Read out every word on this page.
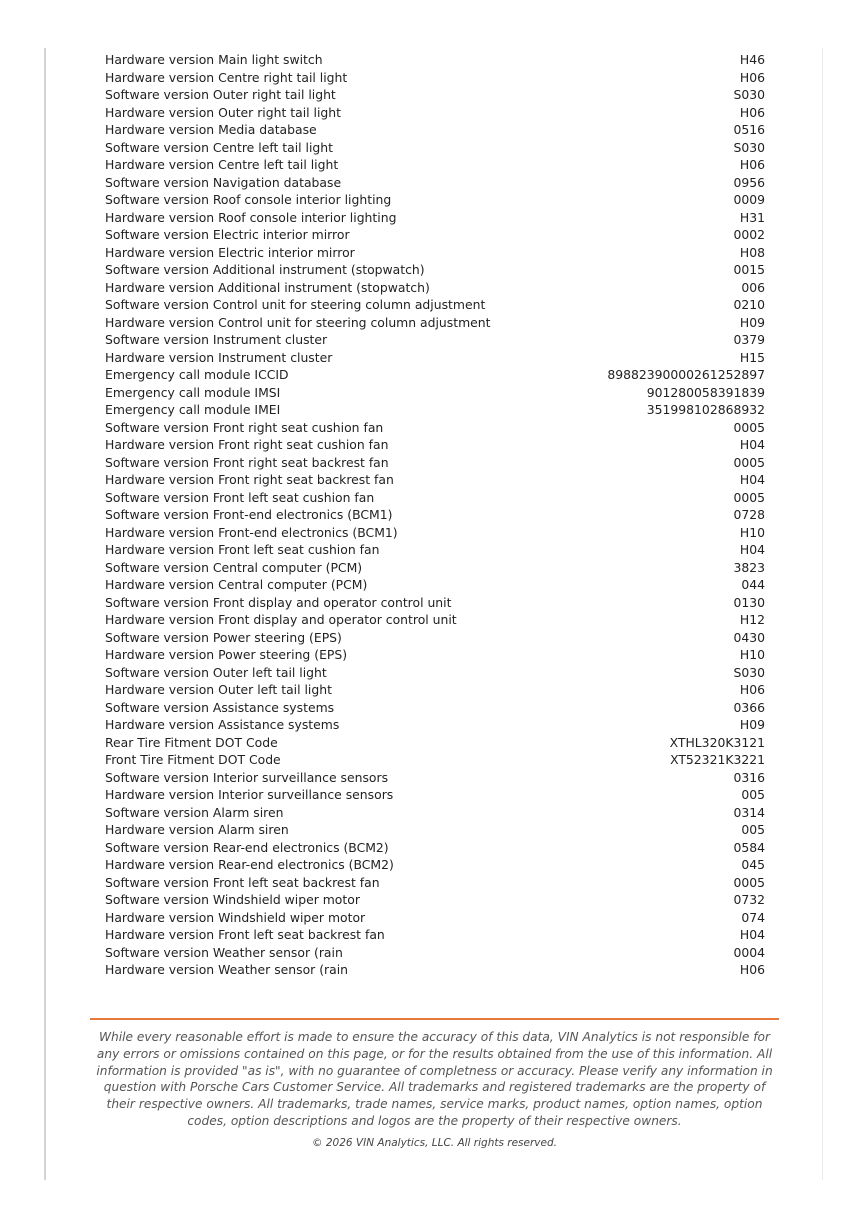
Hardware version Main light switch	H46
Hardware version Centre right tail light	H06
Software version Outer right tail light	S030
Hardware version Outer right tail light	H06
Hardware version Media database	0516
Software version Centre left tail light	S030
Hardware version Centre left tail light	H06
Software version Navigation database	0956
Software version Roof console interior lighting	0009
Hardware version Roof console interior lighting	H31
Software version Electric interior mirror	0002
Hardware version Electric interior mirror	H08
Software version Additional instrument (stopwatch)	0015
Hardware version Additional instrument (stopwatch)	006
Software version Control unit for steering column adjustment	0210
Hardware version Control unit for steering column adjustment	H09
Software version Instrument cluster	0379
Hardware version Instrument cluster	H15
Emergency call module ICCID	89882390000261252897
Emergency call module IMSI	901280058391839
Emergency call module IMEI	351998102868932
Software version Front right seat cushion fan	0005
Hardware version Front right seat cushion fan	H04
Software version Front right seat backrest fan	0005
Hardware version Front right seat backrest fan	H04
Software version Front left seat cushion fan	0005
Software version Front-end electronics (BCM1)	0728
Hardware version Front-end electronics (BCM1)	H10
Hardware version Front left seat cushion fan	H04
Software version Central computer (PCM)	3823
Hardware version Central computer (PCM)	044
Software version Front display and operator control unit	0130
Hardware version Front display and operator control unit	H12
Software version Power steering (EPS)	0430
Hardware version Power steering (EPS)	H10
Software version Outer left tail light	S030
Hardware version Outer left tail light	H06
Software version Assistance systems	0366
Hardware version Assistance systems	H09
Rear Tire Fitment DOT Code	XTHL320K3121
Front Tire Fitment DOT Code	XT52321K3221
Software version Interior surveillance sensors	0316
Hardware version Interior surveillance sensors	005
Software version Alarm siren	0314
Hardware version Alarm siren	005
Software version Rear-end electronics (BCM2)	0584
Hardware version Rear-end electronics (BCM2)	045
Software version Front left seat backrest fan	0005
Software version Windshield wiper motor	0732
Hardware version Windshield wiper motor	074
Hardware version Front left seat backrest fan	H04
Software version Weather sensor (rain	0004
Hardware version Weather sensor (rain	H06
While every reasonable effort is made to ensure the accuracy of this data, VIN Analytics is not responsible for any errors or omissions contained on this page, or for the results obtained from the use of this information. All information is provided "as is", with no guarantee of completness or accuracy. Please verify any information in question with Porsche Cars Customer Service. All trademarks and registered trademarks are the property of their respective owners. All trademarks, trade names, service marks, product names, option names, option codes, option descriptions and logos are the property of their respective owners.
© 2026 VIN Analytics, LLC. All rights reserved.
